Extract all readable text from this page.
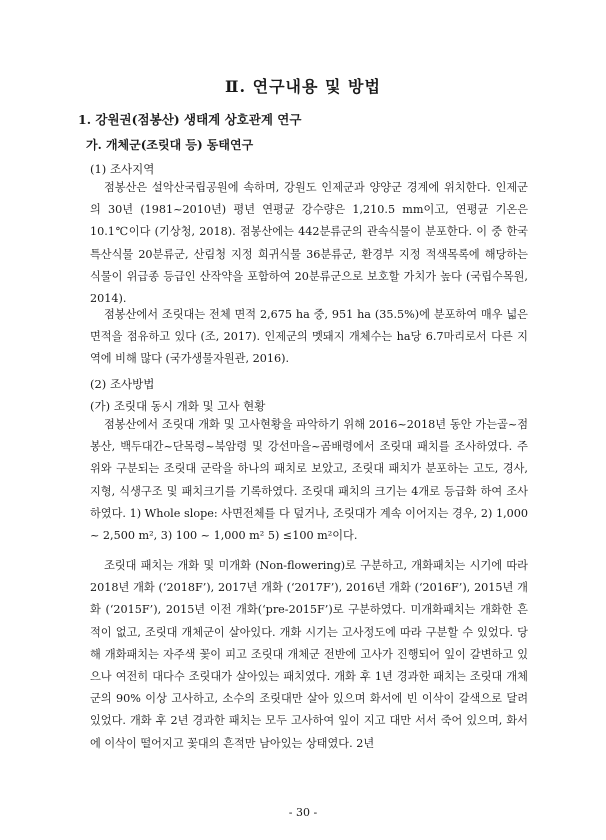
Ⅱ. 연구내용 및 방법
1. 강원권(점봉산) 생태계 상호관계 연구
가. 개체군(조릿대 등) 동태연구
(1) 조사지역

점봉산은 설악산국립공원에 속하며, 강원도 인제군과 양양군 경계에 위치한다. 인제군의 30년 (1981~2010년) 평년 연평균 강수량은 1,210.5 mm이고, 연평균 기온은 10.1℃이다 (기상청, 2018). 점봉산에는 442분류군의 관속식물이 분포한다. 이 중 한국특산식물 20분류군, 산림청 지정 희귀식물 36분류군, 환경부 지정 적색목록에 해당하는 식물이 위급종 등급인 산작약을 포함하여 20분류군으로 보호할 가치가 높다 (국립수목원, 2014).

점봉산에서 조릿대는 전체 면적 2,675 ha 중, 951 ha (35.5%)에 분포하여 매우 넓은 면적을 점유하고 있다 (조, 2017). 인제군의 멧돼지 개체수는 ha당 6.7마리로서 다른 지역에 비해 많다 (국가생물자원관, 2016).

(2) 조사방법
(가) 조릿대 동시 개화 및 고사 현황

점봉산에서 조릿대 개화 및 고사현황을 파악하기 위해 2016~2018년 동안 가는골~점봉산, 백두대간~단목령~북암령 및 강선마을~곰배령에서 조릿대 패치를 조사하였다. 주위와 구분되는 조릿대 군락을 하나의 패치로 보았고, 조릿대 패치가 분포하는 고도, 경사, 지형, 식생구조 및 패치크기를 기록하였다. 조릿대 패치의 크기는 4개로 등급화 하여 조사하였다. 1) Whole slope: 사면전체를 다 덮거나, 조릿대가 계속 이어지는 경우, 2) 1,000 ~ 2,500 m², 3) 100 ~ 1,000 m² 5) ≤100 m²이다.

조릿대 패치는 개화 및 미개화 (Non-flowering)로 구분하고, 개화패치는 시기에 따라 2018년 개화 (‘2018F’), 2017년 개화 (‘2017F’), 2016년 개화 (‘2016F’), 2015년 개화 (‘2015F’), 2015년 이전 개화(‘pre-2015F’)로 구분하였다. 미개화패치는 개화한 흔적이 없고, 조릿대 개체군이 살아있다. 개화 시기는 고사정도에 따라 구분할 수 있었다. 당해 개화패치는 자주색 꽃이 피고 조릿대 개체군 전반에 고사가 진행되어 잎이 갈변하고 있으나 여전히 대다수 조릿대가 살아있는 패치였다. 개화 후 1년 경과한 패치는 조릿대 개체군의 90% 이상 고사하고, 소수의 조릿대만 살아 있으며 화서에 빈 이삭이 갈색으로 달려있었다. 개화 후 2년 경과한 패치는 모두 고사하여 잎이 지고 대만 서서 죽어 있으며, 화서에 이삭이 떨어지고 꽃대의 흔적만 남아있는 상태였다. 2년

- 30 -
